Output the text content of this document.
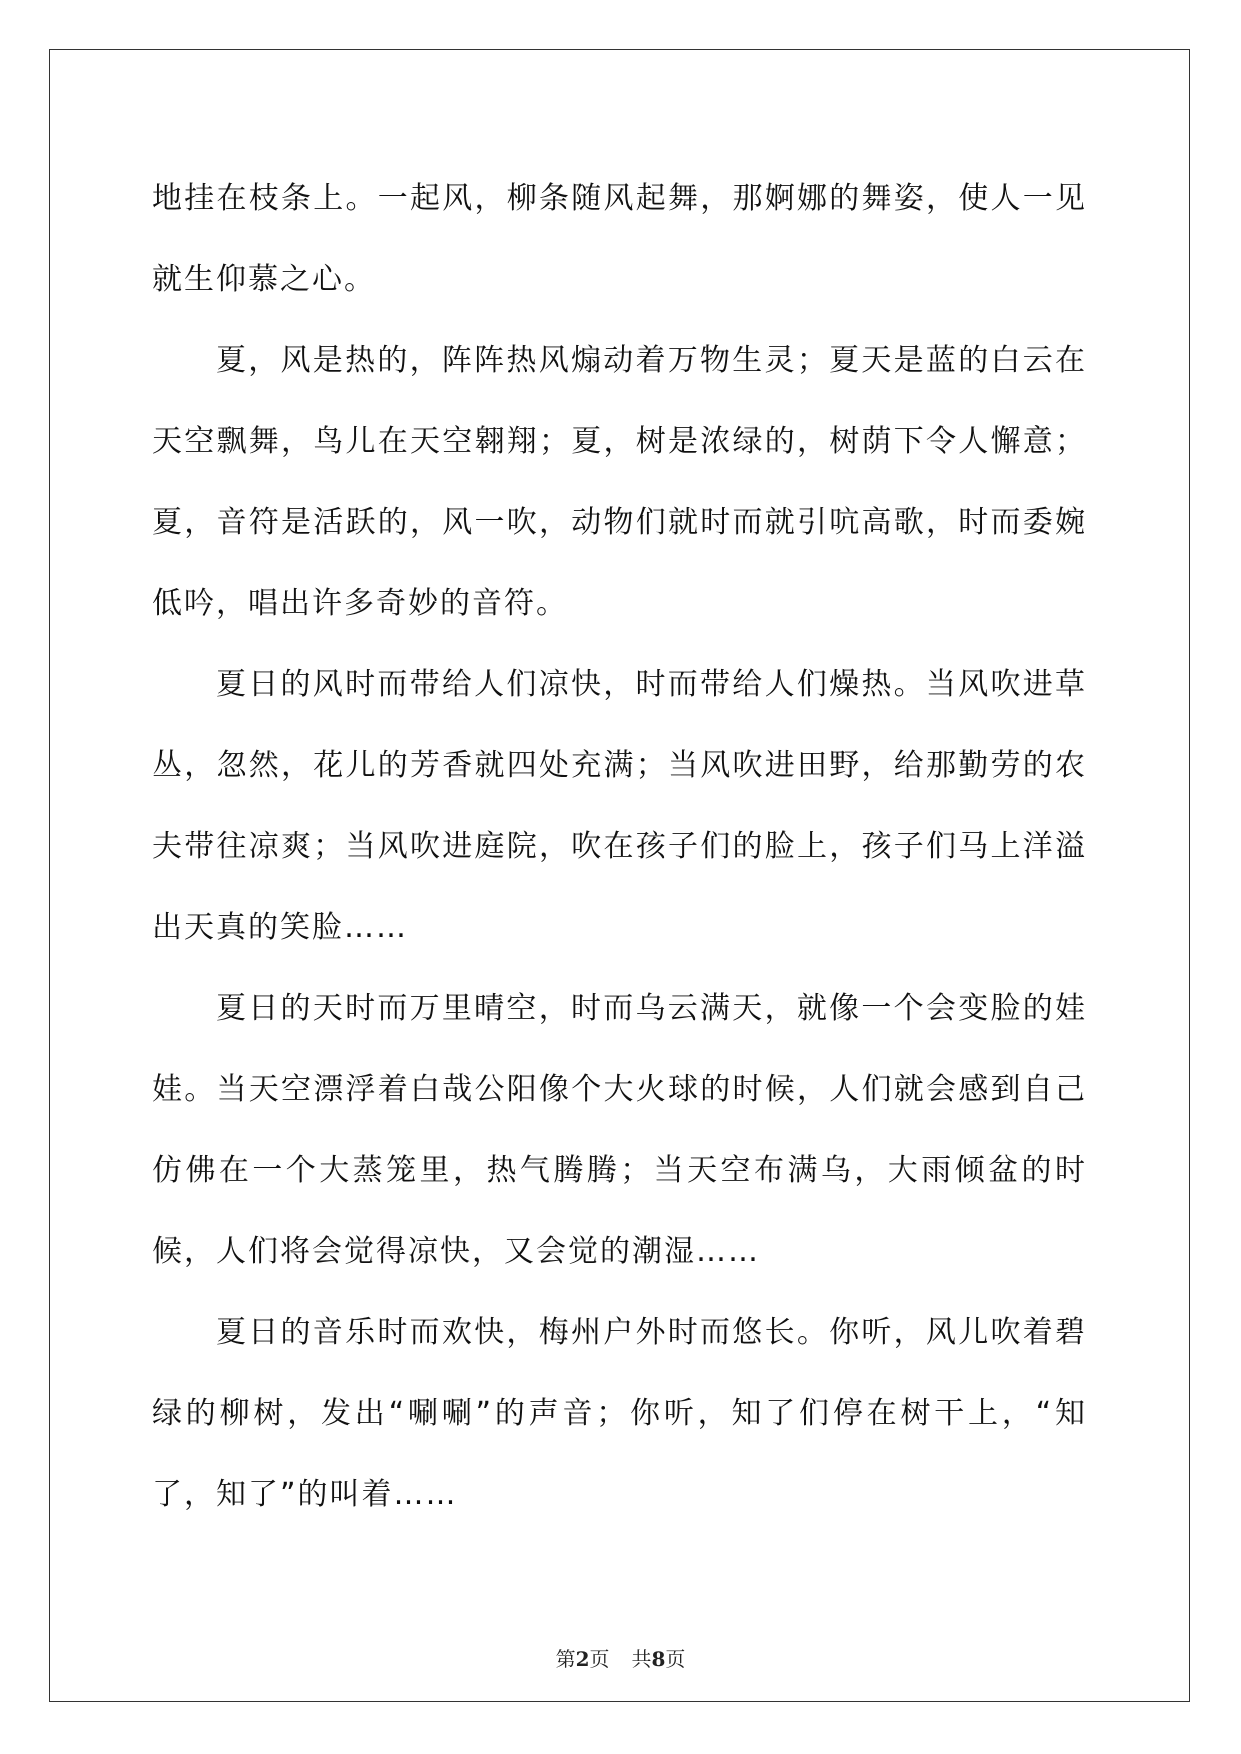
地挂在枝条上。一起风，柳条随风起舞，那婀娜的舞姿，使人一见就生仰慕之心。

夏，风是热的，阵阵热风煽动着万物生灵；夏天是蓝的白云在天空飘舞，鸟儿在天空翱翔；夏，树是浓绿的，树荫下令人懈意；夏，音符是活跃的，风一吹，动物们就时而就引吭高歌，时而委婉低吟，唱出许多奇妙的音符。

夏日的风时而带给人们凉快，时而带给人们燥热。当风吹进草丛，忽然，花儿的芳香就四处充满；当风吹进田野，给那勤劳的农夫带往凉爽；当风吹进庭院，吹在孩子们的脸上，孩子们马上洋溢出天真的笑脸……

夏日的天时而万里晴空，时而乌云满天，就像一个会变脸的娃娃。当天空漂浮着白哉公阳像个大火球的时候，人们就会感到自己仿佛在一个大蒸笼里，热气腾腾；当天空布满乌，大雨倾盆的时候，人们将会觉得凉快，又会觉的潮湿……

夏日的音乐时而欢快，梅州户外时而悠长。你听，风儿吹着碧绿的柳树，发出“唰唰”的声音；你听，知了们停在树干上，“知了，知了”的叫着……

第2页 共8页
